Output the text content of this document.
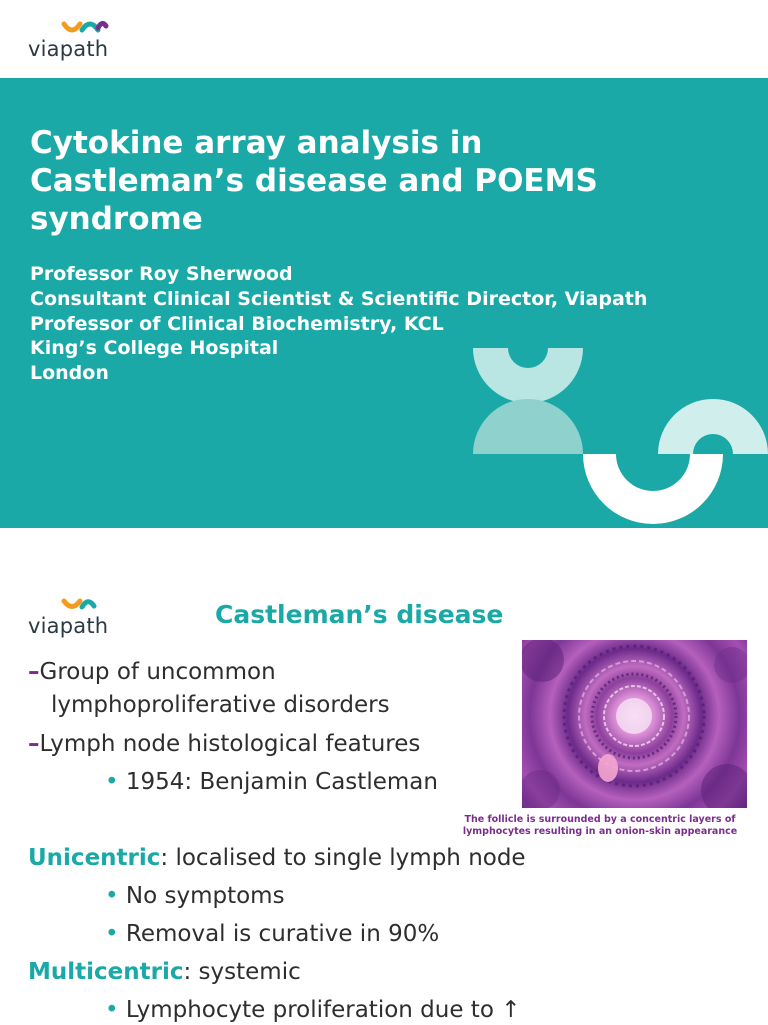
viapath
Cytokine array analysis in
Castleman’s disease and POEMS
syndrome
Professor Roy Sherwood
Consultant Clinical Scientist & Scientific Director, Viapath
Professor of Clinical Biochemistry, KCL
King’s College Hospital
London
viapath	Castleman’s disease
–Group of uncommon
lymphoproliferative disorders
–Lymph node histological features
• 1954: Benjamin Castleman
The follicle is surrounded by a concentric layers of
lymphocytes resulting in an onion-skin appearance
Unicentric: localised to single lymph node
• No symptoms
• Removal is curative in 90%
Multicentric: systemic
• Lymphocyte proliferation due to ↑
